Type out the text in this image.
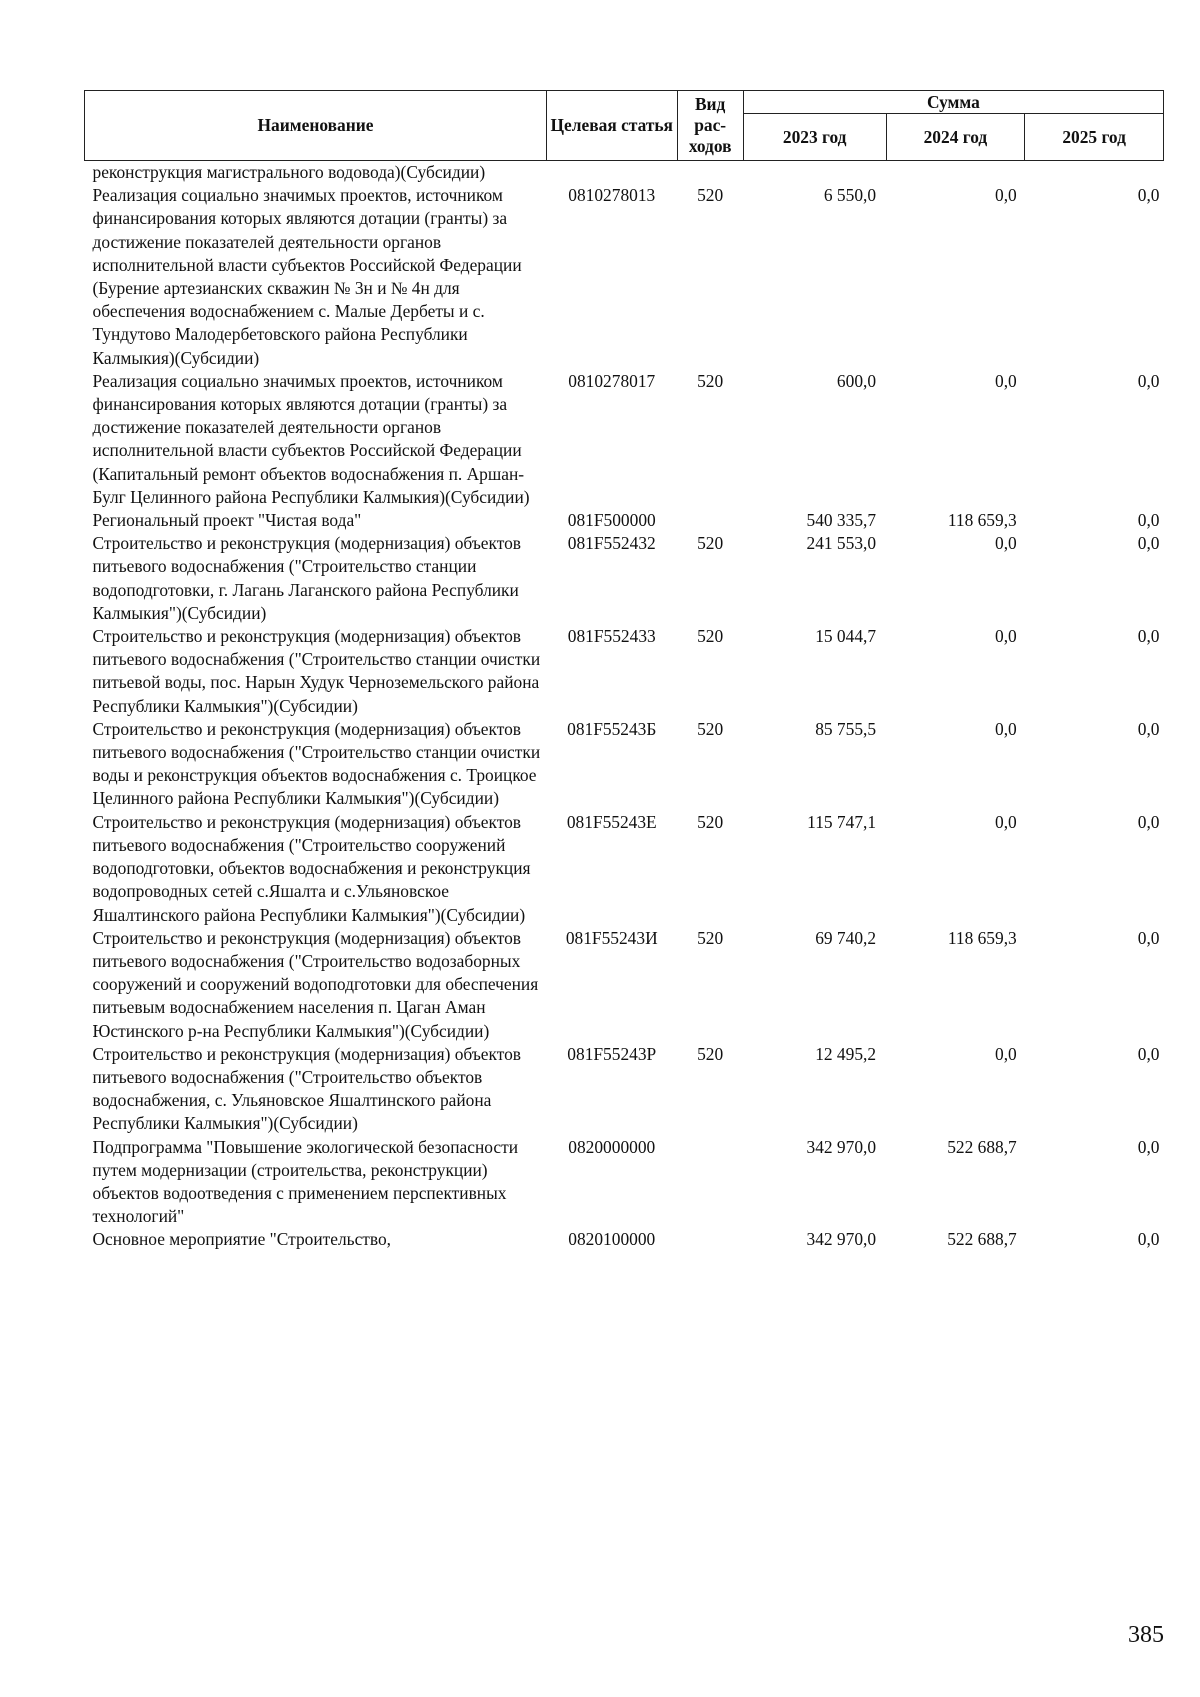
Наименование	Целевая статья	Вид рас-ходов	Сумма		
			2023 год	2024 год	2025 год
реконструкция магистрального водовода)(Субсидии)					
Реализация социально значимых проектов, источником финансирования которых являются дотации (гранты) за достижение показателей деятельности органов исполнительной власти субъектов Российской Федерации (Бурение артезианских скважин № 3н и № 4н для обеспечения водоснабжением с. Малые Дербеты и с. Тундутово Малодербетовского района Республики Калмыкия)(Субсидии)	0810278013	520	6 550,0	0,0	0,0
Реализация социально значимых проектов, источником финансирования которых являются дотации (гранты) за достижение показателей деятельности органов исполнительной власти субъектов Российской Федерации (Капитальный ремонт объектов водоснабжения п. Аршан-Булг Целинного района Республики Калмыкия)(Субсидии)	0810278017	520	600,0	0,0	0,0
Региональный проект "Чистая вода"	081F500000		540 335,7	118 659,3	0,0
Строительство и реконструкция (модернизация) объектов питьевого водоснабжения ("Строительство станции водоподготовки, г. Лагань Лаганского района Республики Калмыкия")(Субсидии)	081F552432	520	241 553,0	0,0	0,0
Строительство и реконструкция (модернизация) объектов питьевого водоснабжения ("Строительство станции очистки питьевой воды, пос. Нарын Худук Черноземельского района Республики Калмыкия")(Субсидии)	081F552433	520	15 044,7	0,0	0,0
Строительство и реконструкция (модернизация) объектов питьевого водоснабжения ("Строительство станции очистки воды и реконструкция объектов водоснабжения с. Троицкое Целинного района Республики Калмыкия")(Субсидии)	081F55243Б	520	85 755,5	0,0	0,0
Строительство и реконструкция (модернизация) объектов питьевого водоснабжения ("Строительство сооружений водоподготовки, объектов водоснабжения и реконструкция водопроводных сетей с.Яшалта и с.Ульяновское Яшалтинского района Республики Калмыкия")(Субсидии)	081F55243Е	520	115 747,1	0,0	0,0
Строительство и реконструкция (модернизация) объектов питьевого водоснабжения ("Строительство водозаборных сооружений и сооружений водоподготовки для обеспечения питьевым водоснабжением населения п. Цаган Аман Юстинского р-на Республики Калмыкия")(Субсидии)	081F55243И	520	69 740,2	118 659,3	0,0
Строительство и реконструкция (модернизация) объектов питьевого водоснабжения ("Строительство объектов водоснабжения, с. Ульяновское Яшалтинского района Республики Калмыкия")(Субсидии)	081F55243Р	520	12 495,2	0,0	0,0
Подпрограмма "Повышение экологической безопасности путем модернизации (строительства, реконструкции) объектов водоотведения с применением перспективных технологий"	0820000000		342 970,0	522 688,7	0,0
Основное мероприятие "Строительство,	0820100000		342 970,0	522 688,7	0,0
385
